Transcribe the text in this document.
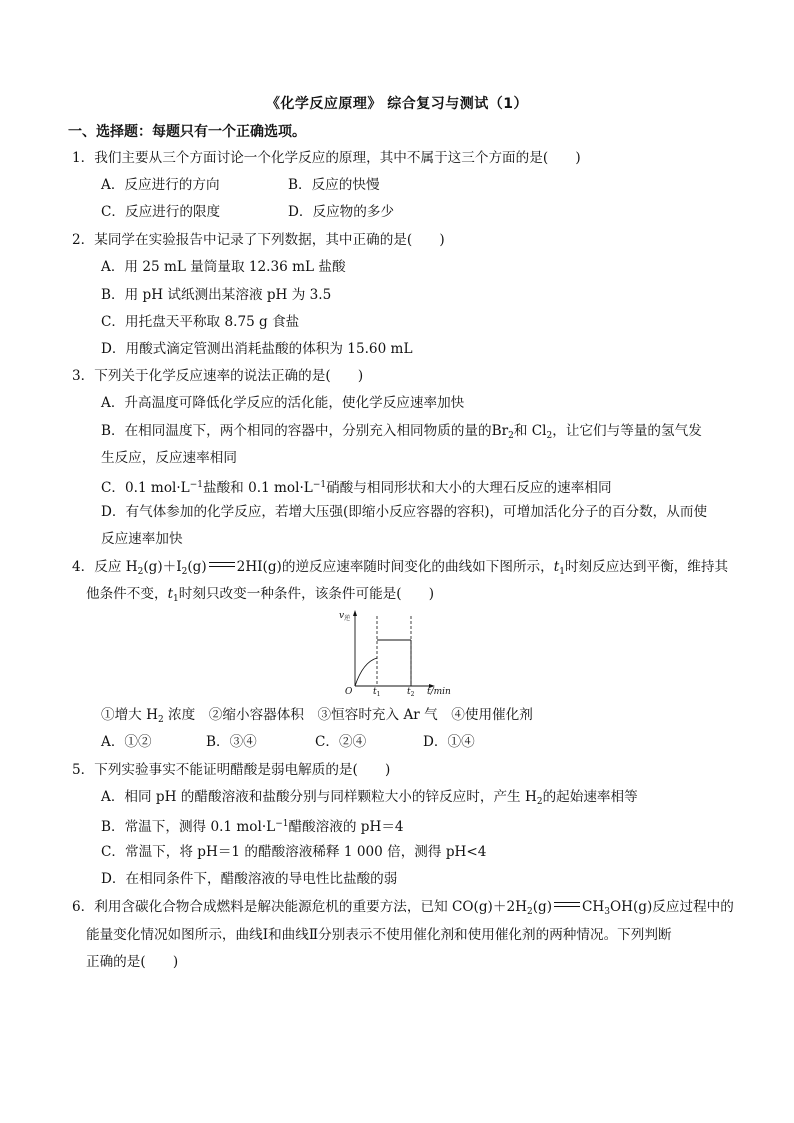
《化学反应原理》 综合复习与测试（1）
一、选择题：每题只有一个正确选项。
1．我们主要从三个方面讨论一个化学反应的原理，其中不属于这三个方面的是(　　)
A．反应进行的方向	B．反应的快慢
C．反应进行的限度	D．反应物的多少
2．某同学在实验报告中记录了下列数据，其中正确的是(　　)
A．用 25 mL 量筒量取 12.36 mL 盐酸
B．用 pH 试纸测出某溶液 pH 为 3.5
C．用托盘天平称取 8.75 g 食盐
D．用酸式滴定管测出消耗盐酸的体积为 15.60 mL
3．下列关于化学反应速率的说法正确的是(　　)
A．升高温度可降低化学反应的活化能，使化学反应速率加快
B．在相同温度下，两个相同的容器中，分别充入相同物质的量的$Br_2$和 $Cl_2$，让它们与等量的氢气发
生反应，反应速率相同
C．0.1 $mol\cdot L^{-1}$盐酸和 0.1 $mol\cdot L^{-1}$硝酸与相同形状和大小的大理石反应的速率相同
D．有气体参加的化学反应，若增大压强(即缩小反应容器的容积)，可增加活化分子的百分数，从而使
反应速率加快
4．反应 $H_2(g)+I_2(g)$ 2HI(g)的逆反应速率随时间变化的曲线如下图所示，$t_1$时刻反应达到平衡，维持其
他条件不变，$t_1$时刻只改变一种条件，该条件可能是(　　)
$v_逆$
O $t_1$	$t_2$ t/min
①增大 $H_2$ 浓度　②缩小容器体积　③恒容时充入 Ar 气　④使用催化剂
A．①②	B．③④	C．②④	D．①④
5．下列实验事实不能证明醋酸是弱电解质的是(　　)
A．相同 pH 的醋酸溶液和盐酸分别与同样颗粒大小的锌反应时，产生 $H_2$的起始速率相等
B．常温下，测得 0.1 $mol\cdot L^{-1}$醋酸溶液的 pH＝4
C．常温下，将 pH＝1 的醋酸溶液稀释 1 000 倍，测得 pH<4
D．在相同条件下，醋酸溶液的导电性比盐酸的弱
6．利用含碳化合物合成燃料是解决能源危机的重要方法，已知 $CO(g)+2H_2(g)$ $CH_3OH(g)$反应过程中的
能量变化情况如图所示，曲线Ⅰ和曲线Ⅱ分别表示不使用催化剂和使用催化剂的两种情况。下列判断
正确的是(　　)
